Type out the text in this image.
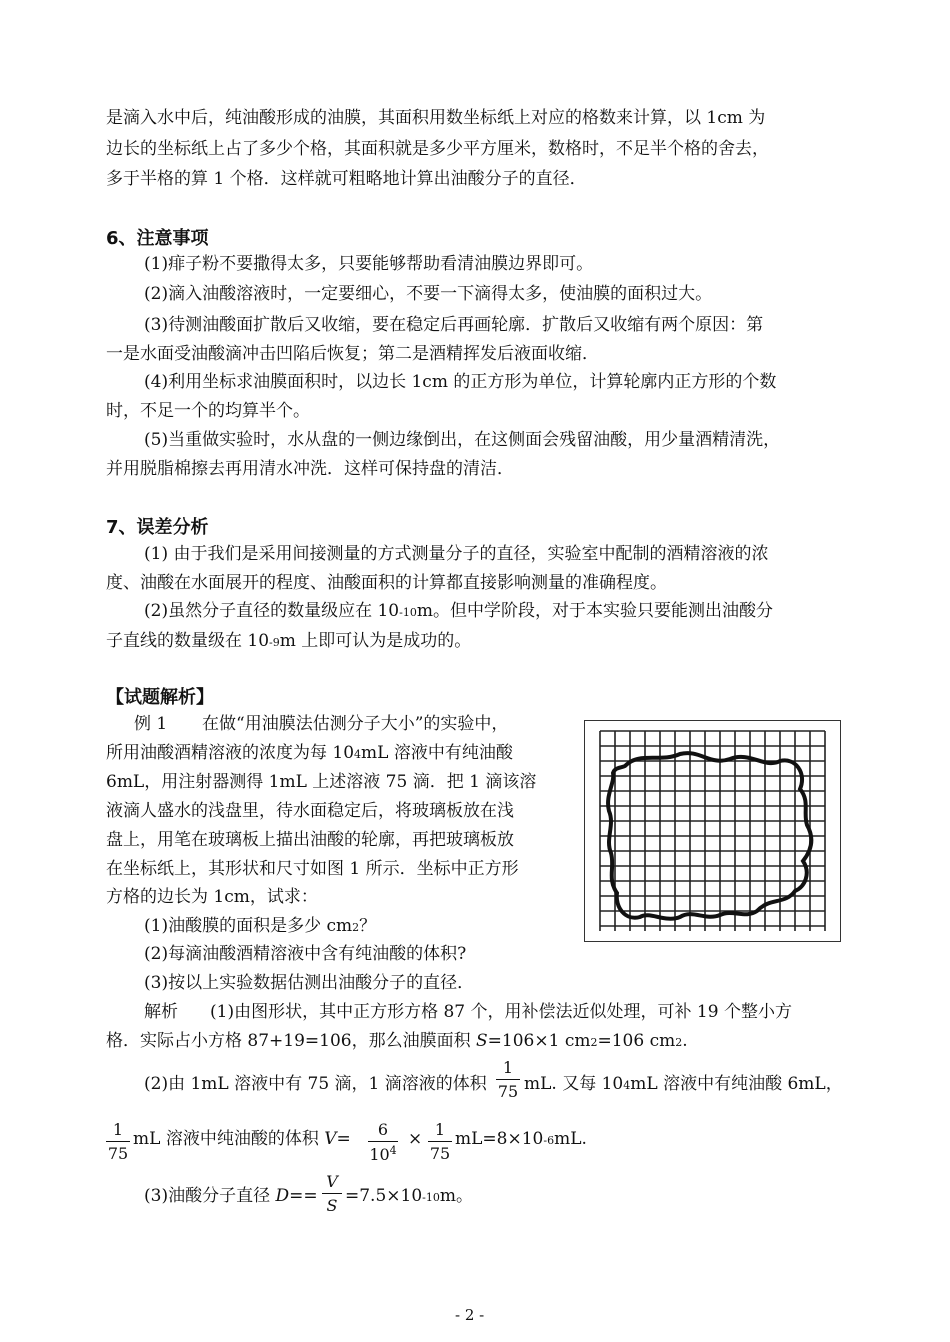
是滴入水中后，纯油酸形成的油膜，其面积用数坐标纸上对应的格数来计算，以 1cm 为
边长的坐标纸上占了多少个格，其面积就是多少平方厘米，数格时，不足半个格的舍去，
多于半格的算 1 个格．这样就可粗略地计算出油酸分子的直径．
6、注意事项
(1)痱子粉不要撒得太多，只要能够帮助看清油膜边界即可。
(2)滴入油酸溶液时，一定要细心，不要一下滴得太多，使油膜的面积过大。
(3)待测油酸面扩散后又收缩，要在稳定后再画轮廓．扩散后又收缩有两个原因：第
一是水面受油酸滴冲击凹陷后恢复；第二是酒精挥发后液面收缩．
(4)利用坐标求油膜面积时，以边长 1cm 的正方形为单位，计算轮廓内正方形的个数
时，不足一个的均算半个。
(5)当重做实验时，水从盘的一侧边缘倒出，在这侧面会残留油酸，用少量酒精清洗，
并用脱脂棉擦去再用清水冲洗．这样可保持盘的清洁．
7、误差分析
(1) 由于我们是采用间接测量的方式测量分子的直径，实验室中配制的酒精溶液的浓
度、油酸在水面展开的程度、油酸面积的计算都直接影响测量的准确程度。
(2)虽然分子直径的数量级应在 10-10m。但中学阶段，对于本实验只要能测出油酸分
子直线的数量级在 10-9m 上即可认为是成功的。
【试题解析】
例 1 在做“用油膜法估测分子大小”的实验中，
所用油酸酒精溶液的浓度为每 104mL 溶液中有纯油酸
6mL，用注射器测得 1mL 上述溶液 75 滴．把 1 滴该溶
液滴人盛水的浅盘里，待水面稳定后，将玻璃板放在浅
盘上，用笔在玻璃板上描出油酸的轮廓，再把玻璃板放
在坐标纸上，其形状和尺寸如图 1 所示．坐标中正方形
方格的边长为 1cm，试求：
(1)油酸膜的面积是多少 cm2？
(2)每滴油酸酒精溶液中含有纯油酸的体积?
(3)按以上实验数据估测出油酸分子的直径．
解析 (1)由图形状，其中正方形方格 87 个，用补偿法近似处理，可补 19 个整小方
格．实际占小方格 87+19=106，那么油膜面积 S=106×1 cm2=106 cm2.
(2)由 1mL 溶液中有 75 滴，1 滴溶液的体积
1
75 mL. 又每 104mL 溶液中有纯油酸 6mL，
1
75
mL 溶液中纯油酸的体积 V=	6
$10^4$
× 1
75
mL=8×10-6mL.
(3)油酸分子直径 D==
V
S =7.5×10-10m。
- 2 -
